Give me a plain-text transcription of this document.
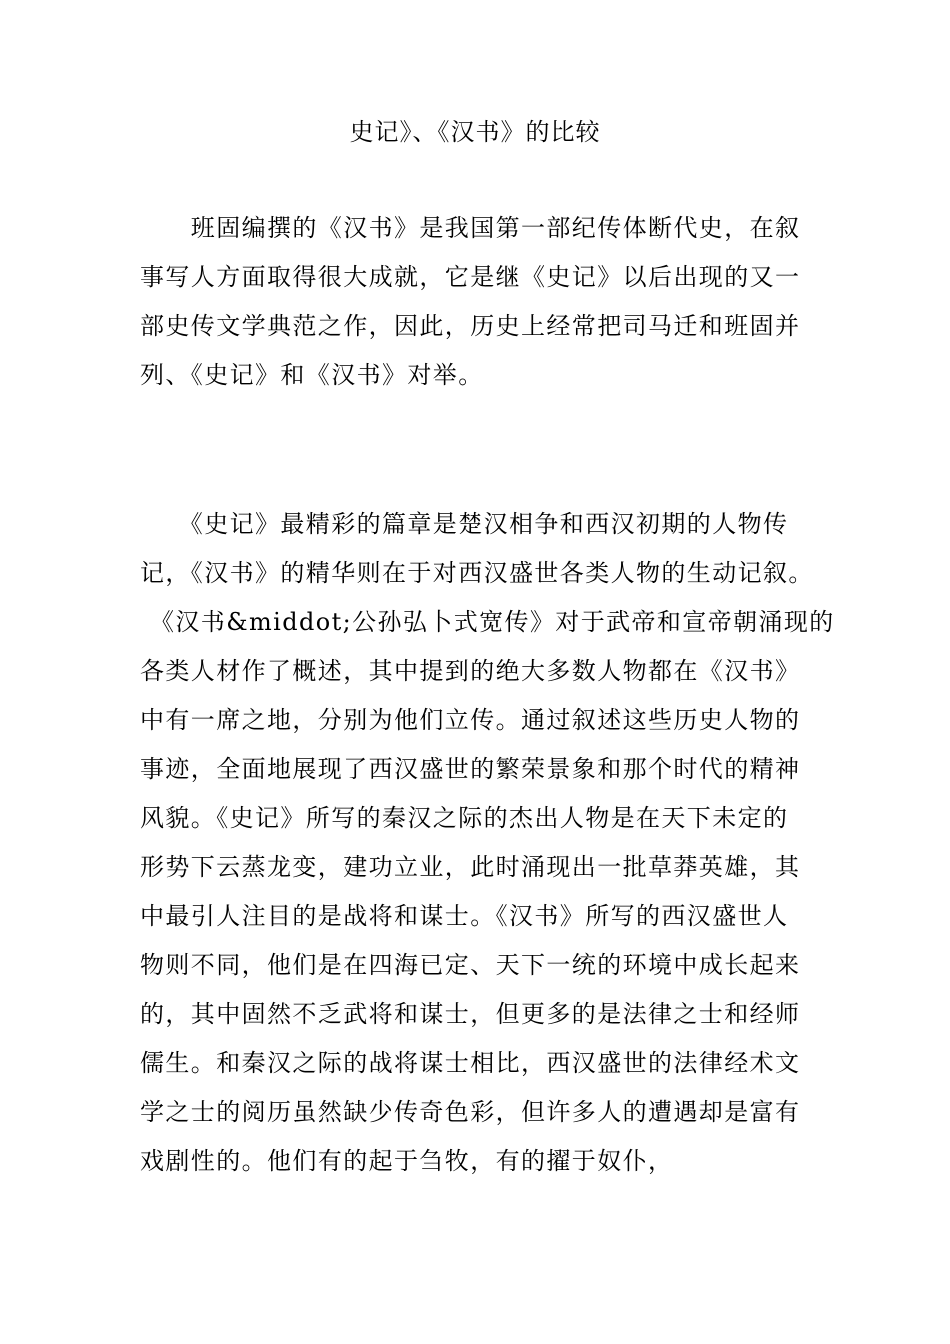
史记》、《汉书》的比较
　　班固编撰的《汉书》是我国第一部纪传体断代史，在叙
事写人方面取得很大成就，它是继《史记》以后出现的又一
部史传文学典范之作，因此，历史上经常把司马迁和班固并
列、《史记》和《汉书》对举。
　　《史记》最精彩的篇章是楚汉相争和西汉初期的人物传
记，《汉书》的精华则在于对西汉盛世各类人物的生动记叙。
《汉书&middot;公孙弘卜式宽传》对于武帝和宣帝朝涌现的
各类人材作了概述，其中提到的绝大多数人物都在《汉书》
中有一席之地，分别为他们立传。通过叙述这些历史人物的
事迹，全面地展现了西汉盛世的繁荣景象和那个时代的精神
风貌。《史记》所写的秦汉之际的杰出人物是在天下未定的
形势下云蒸龙变，建功立业，此时涌现出一批草莽英雄，其
中最引人注目的是战将和谋士。《汉书》所写的西汉盛世人
物则不同，他们是在四海已定、天下一统的环境中成长起来
的，其中固然不乏武将和谋士，但更多的是法律之士和经师
儒生。和秦汉之际的战将谋士相比，西汉盛世的法律经术文
学之士的阅历虽然缺少传奇色彩，但许多人的遭遇却是富有
戏剧性的。他们有的起于刍牧，有的擢于奴仆，
